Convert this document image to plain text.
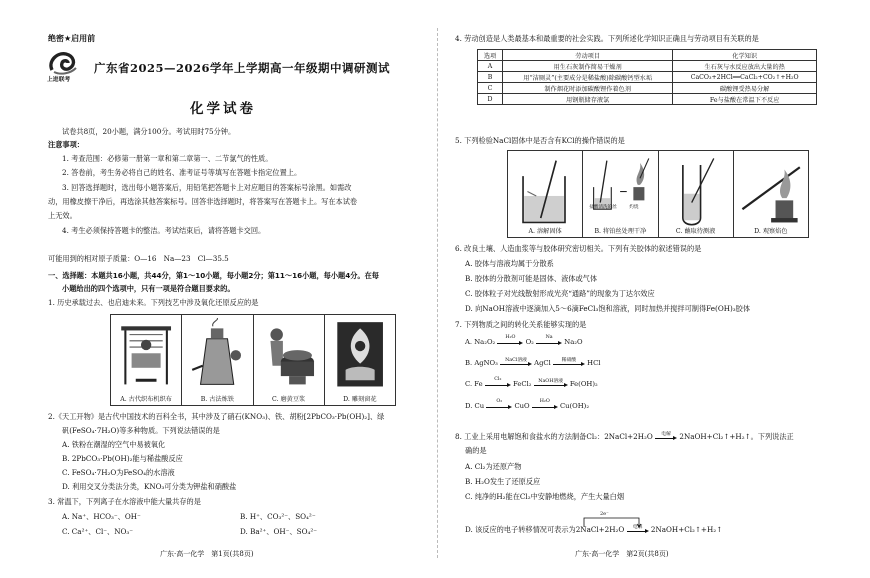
绝密★启用前
上进联考
广东省2025—2026学年上学期高一年级期中调研测试
化学试卷
试卷共8页，20小题，满分100分。考试用时75分钟。
注意事项：
1. 考查范围：必修第一册第一章和第二章第一、二节氯气的性质。
2. 答卷前，考生务必将自己的姓名、准考证号等填写在答题卡指定位置上。
3. 回答选择题时，选出每小题答案后，用铅笔把答题卡上对应题目的答案标号涂黑。如需改
动，用橡皮擦干净后，再选涂其他答案标号。回答非选择题时，将答案写在答题卡上。写在本试卷
上无效。
4. 考生必须保持答题卡的整洁。考试结束后，请将答题卡交回。
可能用到的相对原子质量：O—16　Na—23　Cl—35.5
一、选择题：本题共16小题，共44分，第1～10小题，每小题2分；第11～16小题，每小题4分。在每
小题给出的四个选项中，只有一项是符合题目要求的。
1. 历史承载过去、也启迪未来。下列技艺中涉及氧化还原反应的是
A. 古代织布机织布	B. 古法炼铁	C. 磨黄豆浆	D. 雕刻窗花
2.《天工开物》是古代中国技术的百科全书，其中涉及了硝石(KNO₃)、铁、胡粉[2PbCO₃·Pb(OH)₂]、绿
矾(FeSO₄·7H₂O)等多种物质。下列说法错误的是
A. 铁粉在潮湿的空气中易被氧化
B. 2PbCO₃·Pb(OH)₂能与稀盐酸反应
C. FeSO₄·7H₂O为FeSO₄的水溶液
D. 利用交叉分类法分类，KNO₃可分类为钾盐和硝酸盐
3. 常温下，下列离子在水溶液中能大量共存的是
A. Na⁺、HCO₃⁻、OH⁻	B. H⁺、CO₃²⁻、SO₄²⁻
C. Ca²⁺、Cl⁻、NO₃⁻	D. Ba²⁺、OH⁻、SO₄²⁻
广东·高一化学　第1页(共8页)
4. 劳动创造是人类最基本和最重要的社会实践。下列所述化学知识正确且与劳动项目有关联的是
选项	劳动项目	化学知识
A	用生石灰制作简易干燥剂	生石灰与水反应放出大量的热
B	用“洁厕灵”(主要成分是稀盐酸)除碳酸钙型水垢	CaCO₃+2HCl══CaCl₂+CO₂↑+H₂O
C	制作烟花时添加碳酸锂作着色剂	碳酸锂受热易分解
D	用钢瓶储存液氯	Fe与盐酸在常温下不反应
5. 下列检验NaCl固体中是否含有KCl的操作错误的是
A. 溶解固体
盐酸清洗铂丝	灼烧
B. 将铂丝处理干净	C. 蘸取待测液	D. 观察焰色
6. 改良土壤、人造血浆等与胶体研究密切相关。下列有关胶体的叙述错误的是
A. 胶体与溶液均属于分散系
B. 胶体的分散剂可能是固体、液体或气体
C. 胶体粒子对光线散射形成光亮“通路”的现象为丁达尔效应
D. 向NaOH溶液中逐滴加入5～6滴FeCl₃饱和溶液，同时加热并搅拌可制得Fe(OH)₃胶体
7. 下列物质之间的转化关系能够实现的是
A. Na₂O₂
H₂O
O₂
Na
Na₂O
B. AgNO₃	NaCl溶液	AgCl	稀硝酸	HCl
C. Fe
Cl₂
FeCl₂	NaOH溶液 Fe(OH)₂
D. Cu
O₂
CuO
H₂O
Cu(OH)₂
8. 工业上采用电解饱和食盐水的方法制备Cl₂：2NaCl+2H₂O	电解	2NaOH+Cl₂↑+H₂↑。下列说法正
确的是
A. Cl₂为还原产物
B. H₂O发生了还原反应
C. 纯净的H₂能在Cl₂中安静地燃烧，产生大量白烟
2e⁻
D. 该反应的电子转移情况可表示为2NaCl+2H₂O	电解	2NaOH+Cl₂↑+H₂↑
广东·高一化学　第2页(共8页)
